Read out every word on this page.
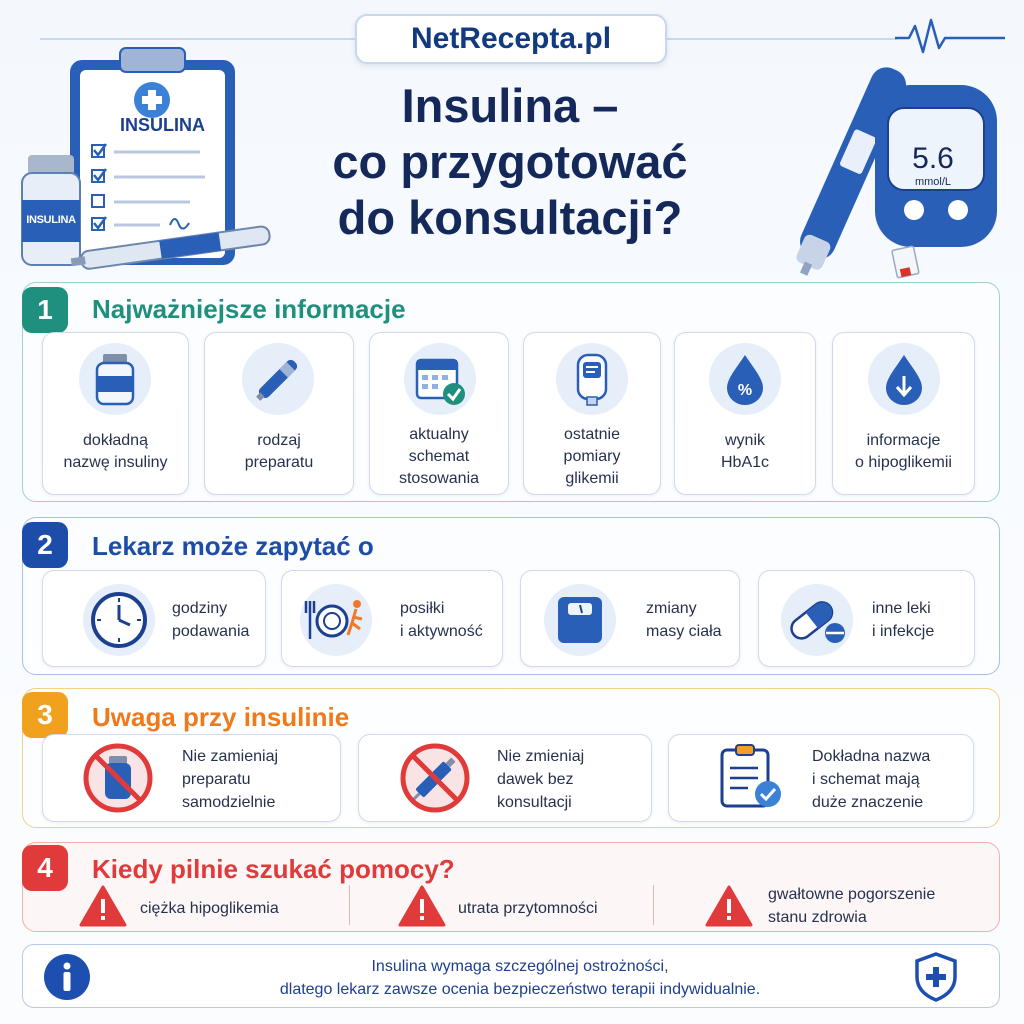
NetRecepta.pl
Insulina –
co przygotować
do konsultacji?
INSULINA
INSULINA
5.6
mmol/L
1	Najważniejsze informacje
%
dokładną
nazwę insuliny
rodzaj
preparatu
aktualny
schemat
stosowania
ostatnie
pomiary
glikemii
wynik
HbA1c
informacje
o hipoglikemii
2	Lekarz może zapytać o
godziny
podawania
posiłki
i aktywność
zmiany
masy ciała
inne leki
i infekcje
3	Uwaga przy insulinie
Nie zamieniaj
preparatu
samodzielnie
Nie zmieniaj
dawek bez
konsultacji
Dokładna nazwa
i schemat mają
duże znaczenie
4	Kiedy pilnie szukać pomocy?
ciężka hipoglikemia	utrata przytomności
gwałtowne pogorszenie
stanu zdrowia
Insulina wymaga szczególnej ostrożności,
dlatego lekarz zawsze ocenia bezpieczeństwo terapii indywidualnie.
